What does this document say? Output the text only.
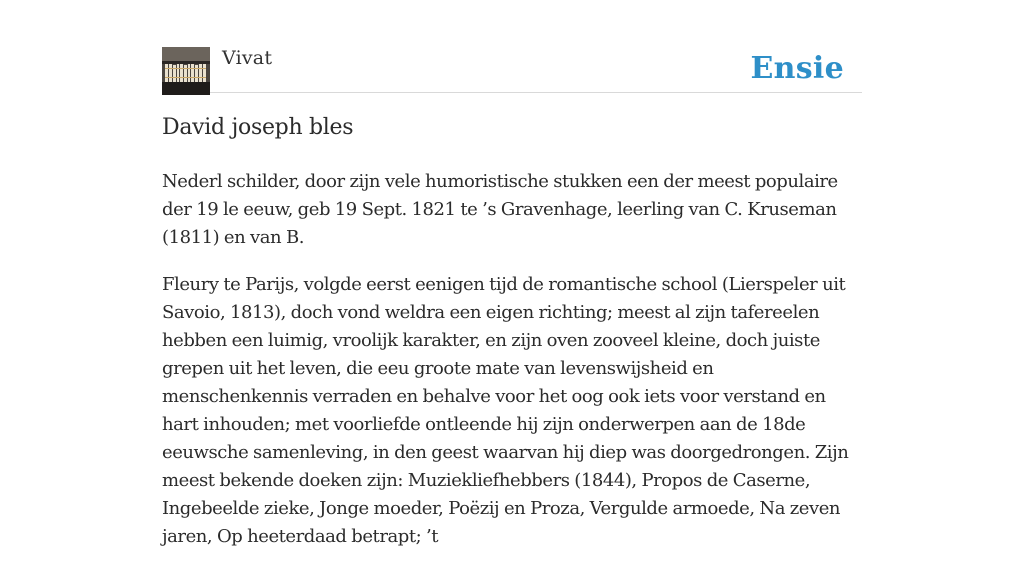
Vivat	Ensie
David joseph bles

Nederl schilder, door zijn vele humoristische stukken een der meest populaire der 19 le eeuw, geb 19 Sept. 1821 te ’s Gravenhage, leerling van C. Kruseman (1811) en van B.

Fleury te Parijs, volgde eerst eenigen tijd de romantische school (Lierspeler uit Savoio, 1813), doch vond weldra een eigen richting; meest al zijn tafereelen hebben een luimig, vroolijk karakter, en zijn oven zooveel kleine, doch juiste grepen uit het leven, die eeu groote mate van levenswijsheid en menschenkennis verraden en behalve voor het oog ook iets voor verstand en hart inhouden; met voorliefde ontleende hij zijn onderwerpen aan de 18de eeuwsche samenleving, in den geest waarvan hij diep was doorgedrongen. Zijn meest bekende doeken zijn: Muziekliefhebbers (1844), Propos de Caserne, Ingebeelde zieke, Jonge moeder, Poëzij en Proza, Vergulde armoede, Na zeven jaren, Op heeterdaad betrapt; ’t
